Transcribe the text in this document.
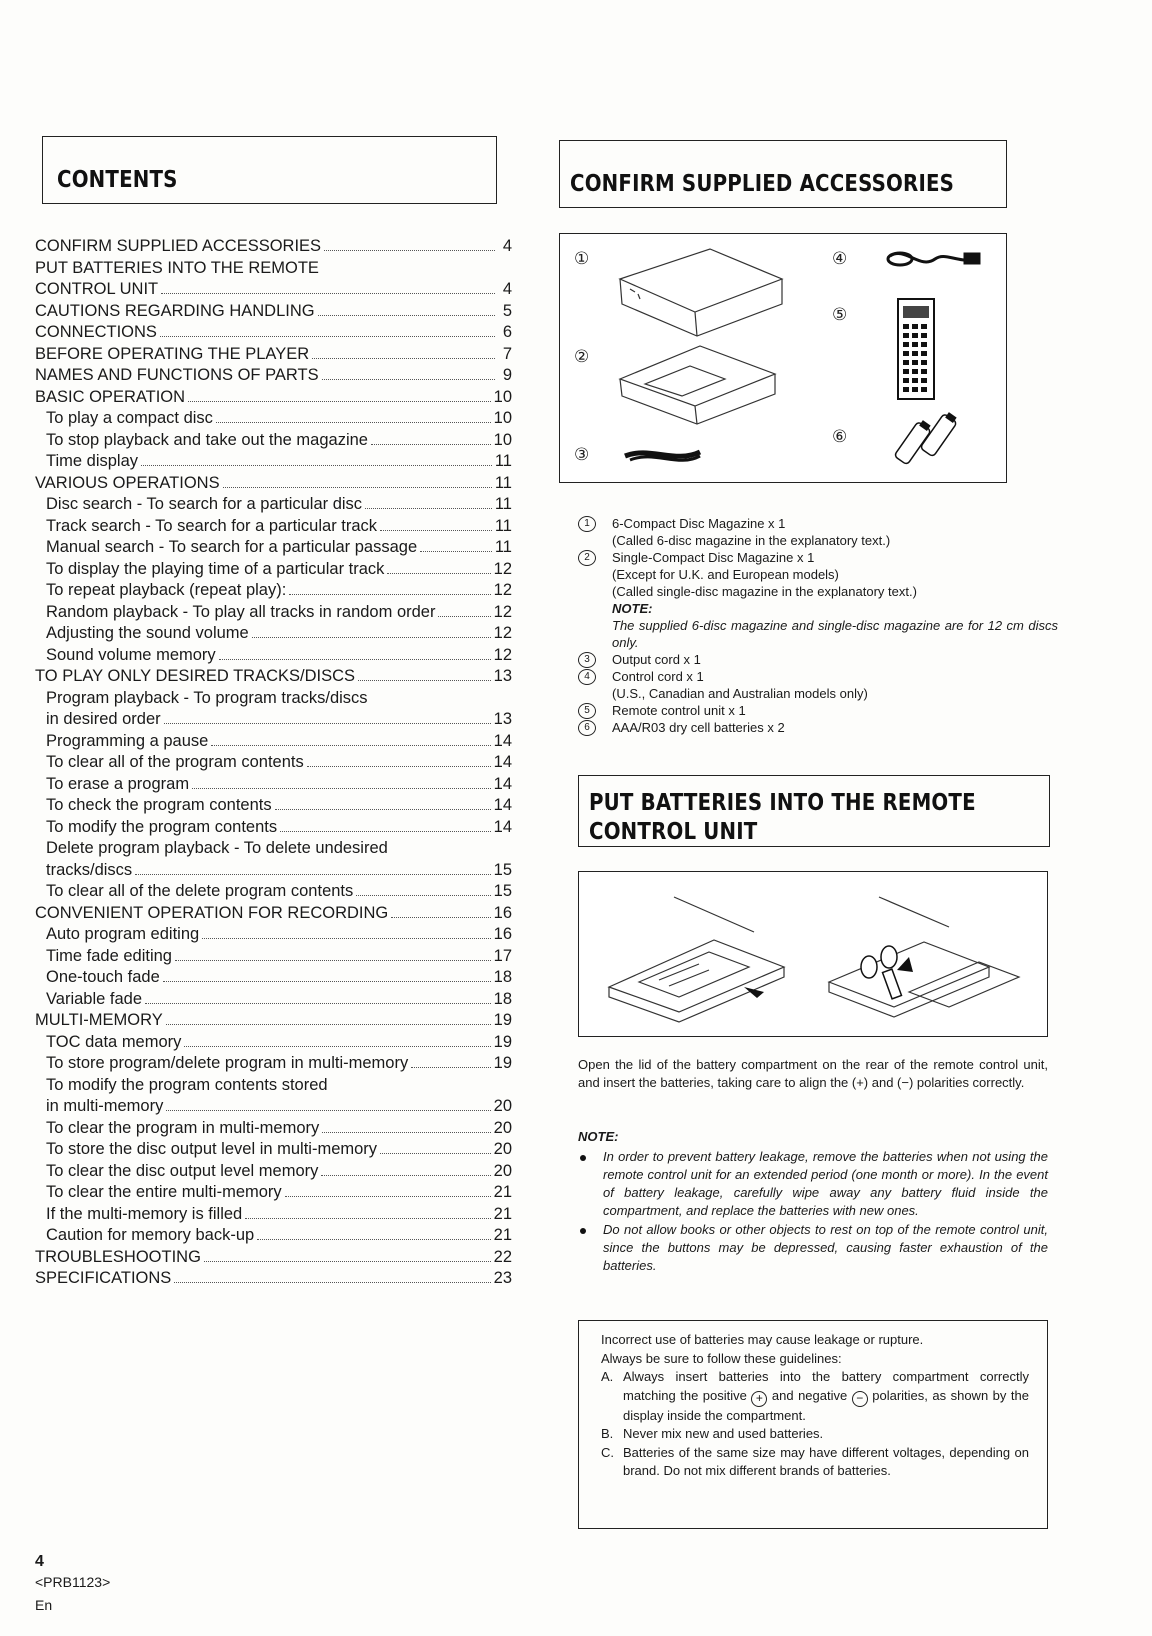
CONTENTS
CONFIRM SUPPLIED ACCESSORIES	4
PUT BATTERIES INTO THE REMOTE
CONTROL UNIT	4
CAUTIONS REGARDING HANDLING	5
CONNECTIONS	6
BEFORE OPERATING THE PLAYER	7
NAMES AND FUNCTIONS OF PARTS	9
BASIC OPERATION	10
To play a compact disc	10
To stop playback and take out the magazine	10
Time display	11
VARIOUS OPERATIONS	11
Disc search - To search for a particular disc	11
Track search - To search for a particular track	11
Manual search - To search for a particular passage	11
To display the playing time of a particular track	12
To repeat playback (repeat play):	12
Random playback - To play all tracks in random order	12
Adjusting the sound volume	12
Sound volume memory	12
TO PLAY ONLY DESIRED TRACKS/DISCS	13
Program playback - To program tracks/discs
in desired order	13
Programming a pause	14
To clear all of the program contents	14
To erase a program	14
To check the program contents	14
To modify the program contents	14
Delete program playback - To delete undesired
tracks/discs	15
To clear all of the delete program contents	15
CONVENIENT OPERATION FOR RECORDING	16
Auto program editing	16
Time fade editing	17
One-touch fade	18
Variable fade	18
MULTI-MEMORY	19
TOC data memory	19
To store program/delete program in multi-memory	19
To modify the program contents stored
in multi-memory	20
To clear the program in multi-memory	20
To store the disc output level in multi-memory	20
To clear the disc output level memory	20
To clear the entire multi-memory	21
If the multi-memory is filled	21
Caution for memory back-up	21
TROUBLESHOOTING	22
SPECIFICATIONS	23
CONFIRM SUPPLIED ACCESSORIES
①
②
③
④
⑤
⑥
1	6-Compact Disc Magazine x 1
(Called 6-disc magazine in the explanatory text.)
2	Single-Compact Disc Magazine x 1
(Except for U.K. and European models)
(Called single-disc magazine in the explanatory text.)
NOTE:
The supplied 6-disc magazine and single-disc magazine are for 12 cm discs only.
3	Output cord x 1
4	Control cord x 1
(U.S., Canadian and Australian models only)
5	Remote control unit x 1
6	AAA/R03 dry cell batteries x 2
PUT BATTERIES INTO THE REMOTE
CONTROL UNIT
Open the lid of the battery compartment on the rear of the remote control unit, and insert the batteries, taking care to align the (+) and (−) polarities correctly.
NOTE:
In order to prevent battery leakage, remove the batteries when not using the remote control unit for an extended period (one month or more). In the event of battery leakage, carefully wipe away any battery fluid inside the compartment, and replace the batteries with new ones.
Do not allow books or other objects to rest on top of the remote control unit, since the buttons may be depressed, causing faster exhaustion of the batteries.
Incorrect use of batteries may cause leakage or rupture.
Always be sure to follow these guidelines:
A. Always insert batteries into the battery compartment correctly matching the positive + and negative − polarities, as shown by the display inside the compartment.
B. Never mix new and used batteries.
C. Batteries of the same size may have different voltages, depending on brand. Do not mix different brands of batteries.
4
<PRB1123>
En
